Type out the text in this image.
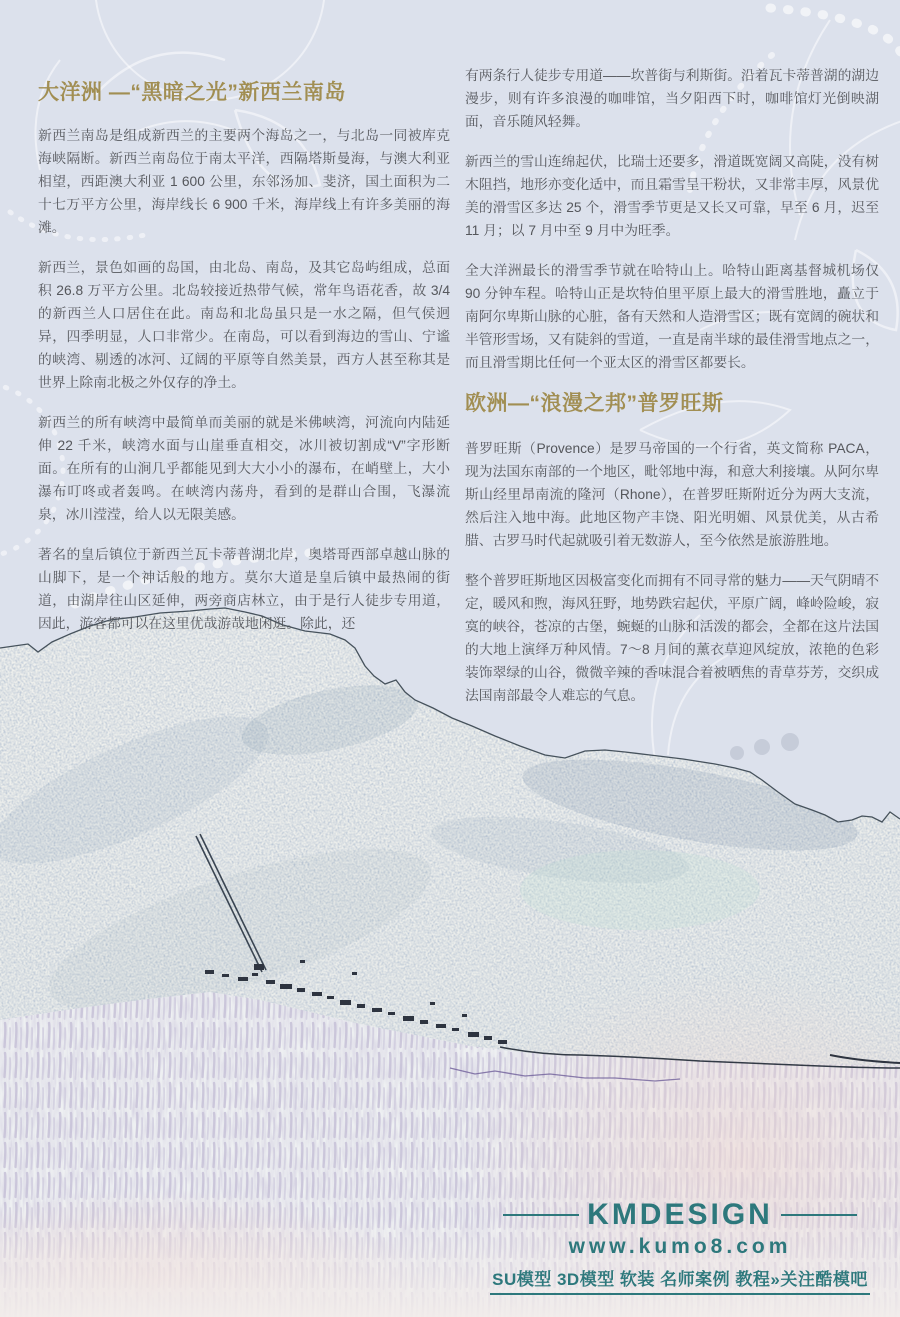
大洋洲 —“黑暗之光”新西兰南岛

新西兰南岛是组成新西兰的主要两个海岛之一，与北岛一同被库克海峡隔断。新西兰南岛位于南太平洋，西隔塔斯曼海，与澳大利亚相望，西距澳大利亚 1 600 公里，东邻汤加、斐济，国土面积为二十七万平方公里，海岸线长 6 900 千米，海岸线上有许多美丽的海滩。

新西兰，景色如画的岛国，由北岛、南岛，及其它岛屿组成，总面积 26.8 万平方公里。北岛较接近热带气候，常年鸟语花香，故 3/4 的新西兰人口居住在此。南岛和北岛虽只是一水之隔，但气侯迥异，四季明显，人口非常少。在南岛，可以看到海边的雪山、宁谧的峡湾、剔透的冰河、辽阔的平原等自然美景，西方人甚至称其是世界上除南北极之外仅存的净土。

新西兰的所有峡湾中最简单而美丽的就是米佛峡湾，河流向内陆延伸 22 千米，峡湾水面与山崖垂直相交，冰川被切割成“V”字形断面。在所有的山涧几乎都能见到大大小小的瀑布，在峭壁上，大小瀑布叮咚或者轰鸣。在峡湾内荡舟，看到的是群山合围，飞瀑流泉，冰川滢滢，给人以无限美感。

著名的皇后镇位于新西兰瓦卡蒂普湖北岸，奥塔哥西部卓越山脉的山脚下，是一个神话般的地方。莫尔大道是皇后镇中最热闹的街道，由湖岸往山区延伸，两旁商店林立，由于是行人徒步专用道，因此，游客都可以在这里优哉游哉地闲逛。除此，还

有两条行人徒步专用道——坎普街与利斯街。沿着瓦卡蒂普湖的湖边漫步，则有许多浪漫的咖啡馆，当夕阳西下时，咖啡馆灯光倒映湖面，音乐随风轻舞。

新西兰的雪山连绵起伏，比瑞士还要多，滑道既宽阔又高陡，没有树木阻挡，地形亦变化适中，而且霜雪呈干粉状，又非常丰厚，风景优美的滑雪区多达 25 个，滑雪季节更是又长又可靠，早至 6 月，迟至 11 月；以 7 月中至 9 月中为旺季。

全大洋洲最长的滑雪季节就在哈特山上。哈特山距离基督城机场仅 90 分钟车程。哈特山正是坎特伯里平原上最大的滑雪胜地，矗立于南阿尔卑斯山脉的心脏，备有天然和人造滑雪区；既有宽阔的碗状和半管形雪场，又有陡斜的雪道，一直是南半球的最佳滑雪地点之一，而且滑雪期比任何一个亚太区的滑雪区都要长。

欧洲—“浪漫之邦”普罗旺斯

普罗旺斯（Provence）是罗马帝国的一个行省，英文简称 PACA，现为法国东南部的一个地区，毗邻地中海，和意大利接壤。从阿尔卑斯山经里昂南流的隆河（Rhone），在普罗旺斯附近分为两大支流，然后注入地中海。此地区物产丰饶、阳光明媚、风景优美，从古希腊、古罗马时代起就吸引着无数游人，至今依然是旅游胜地。

整个普罗旺斯地区因极富变化而拥有不同寻常的魅力——天气阴晴不定，暖风和煦，海风狂野，地势跌宕起伏，平原广阔，峰岭险峻，寂寞的峡谷，苍凉的古堡，蜿蜒的山脉和活泼的都会，全都在这片法国的大地上演绎万种风情。7～8 月间的薰衣草迎风绽放，浓艳的色彩装饰翠绿的山谷，微微辛辣的香味混合着被晒焦的青草芬芳，交织成法国南部最令人难忘的气息。

KMDESIGN
www.kumo8.com
SU模型 3D模型 软装 名师案例 教程»关注酷模吧
